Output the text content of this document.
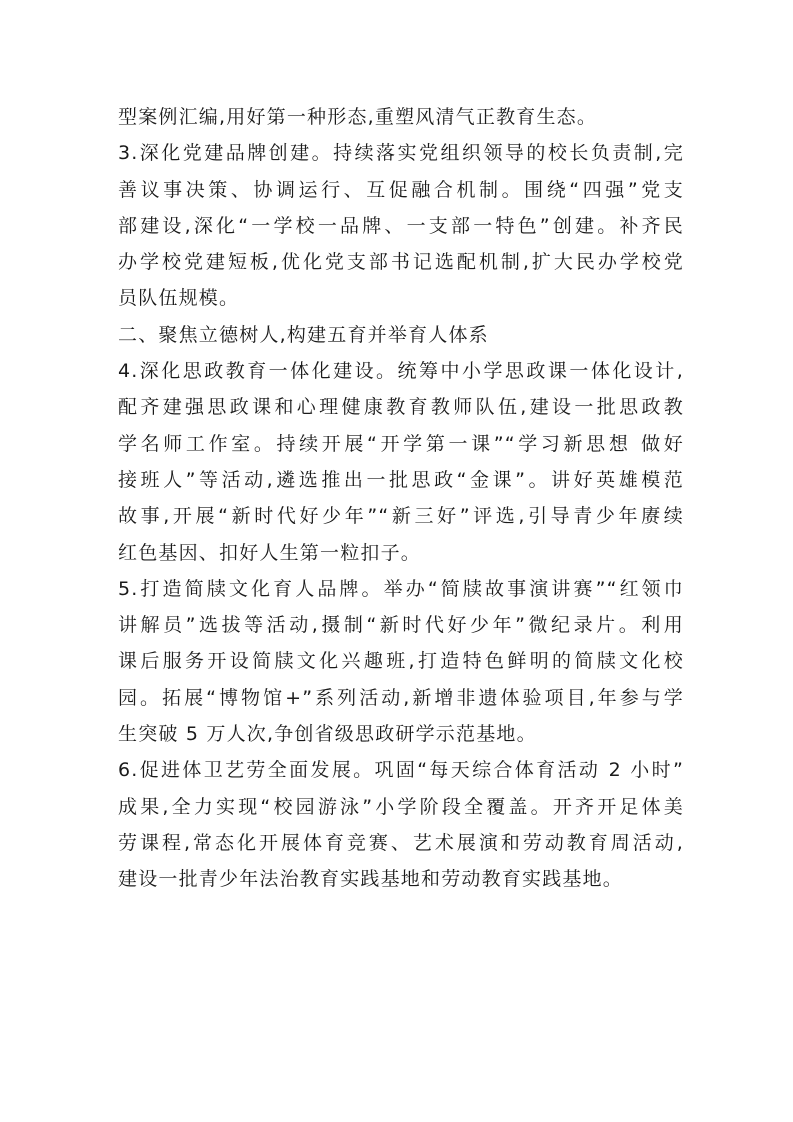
型案例汇编,用好第一种形态,重塑风清气正教育生态。
3.深化党建品牌创建。持续落实党组织领导的校长负责制,完
善议事决策、协调运行、互促融合机制。围绕“四强”党支
部建设,深化“一学校一品牌、一支部一特色”创建。补齐民
办学校党建短板,优化党支部书记选配机制,扩大民办学校党
员队伍规模。
二、聚焦立德树人,构建五育并举育人体系
4.深化思政教育一体化建设。统筹中小学思政课一体化设计,
配齐建强思政课和心理健康教育教师队伍,建设一批思政教
学名师工作室。持续开展“开学第一课”“学习新思想 做好
接班人”等活动,遴选推出一批思政“金课”。讲好英雄模范
故事,开展“新时代好少年”“新三好”评选,引导青少年赓续
红色基因、扣好人生第一粒扣子。
5.打造简牍文化育人品牌。举办“简牍故事演讲赛”“红领巾
讲解员”选拔等活动,摄制“新时代好少年”微纪录片。利用
课后服务开设简牍文化兴趣班,打造特色鲜明的简牍文化校
园。拓展“博物馆+”系列活动,新增非遗体验项目,年参与学
生突破 5 万人次,争创省级思政研学示范基地。
6.促进体卫艺劳全面发展。巩固“每天综合体育活动 2 小时”
成果,全力实现“校园游泳”小学阶段全覆盖。开齐开足体美
劳课程,常态化开展体育竞赛、艺术展演和劳动教育周活动,
建设一批青少年法治教育实践基地和劳动教育实践基地。
